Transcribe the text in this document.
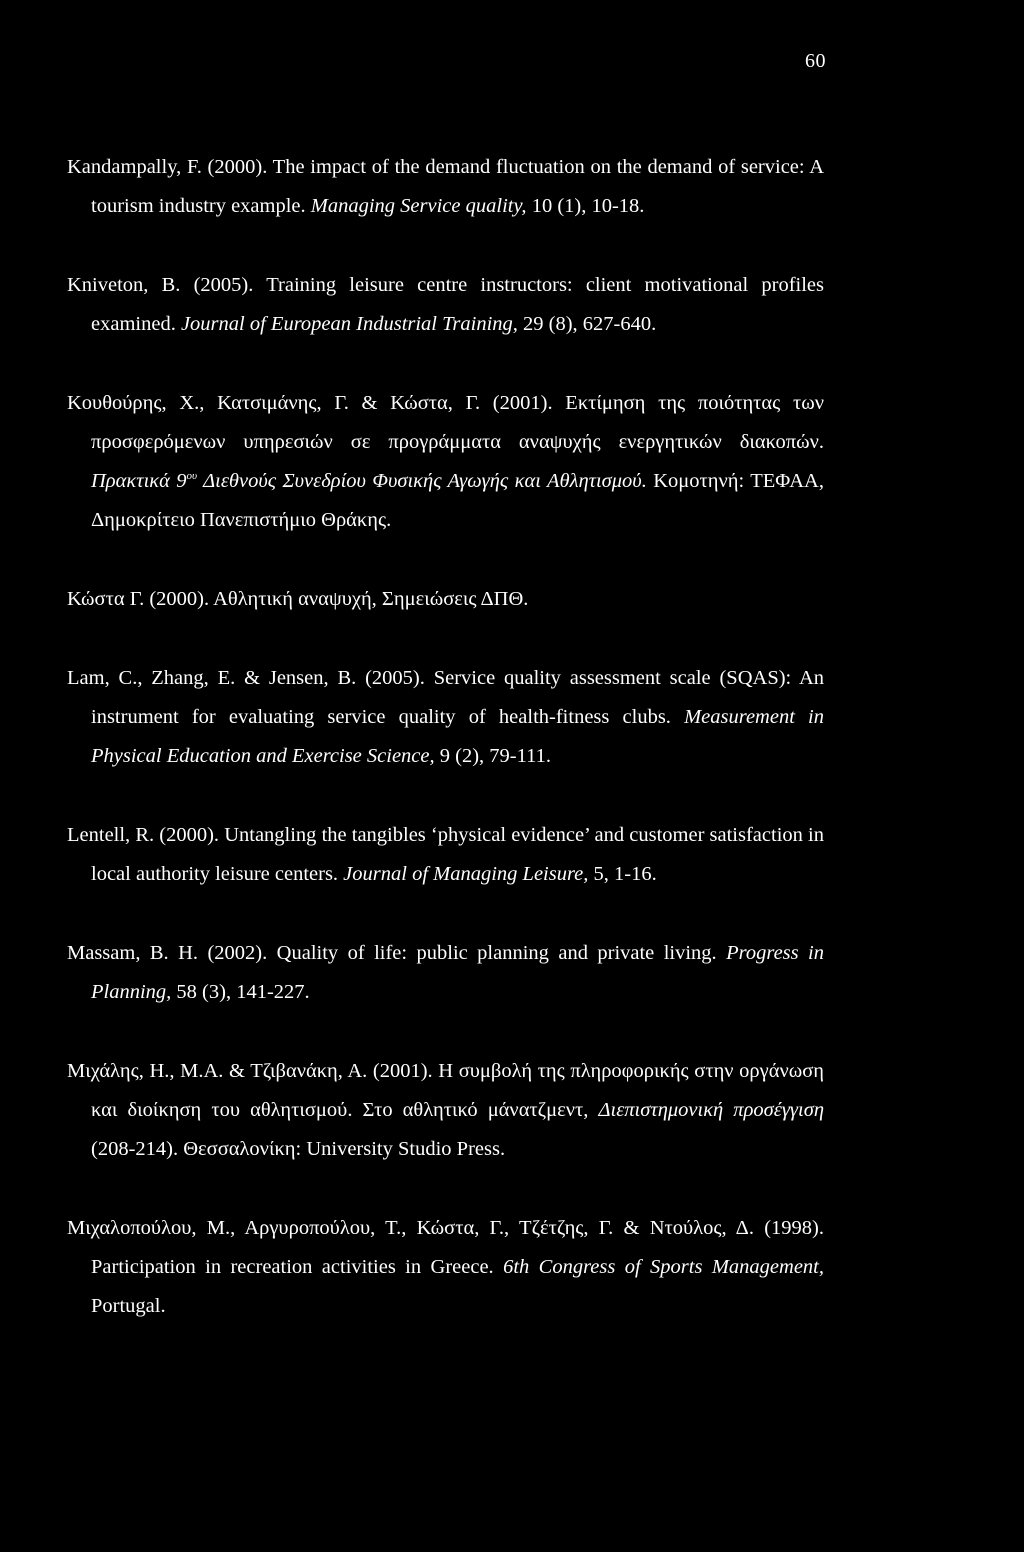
60

Kandampally, F. (2000). The impact of the demand fluctuation on the demand of service: A tourism industry example. Managing Service quality, 10 (1), 10-18.

Kniveton, B. (2005). Training leisure centre instructors: client motivational profiles examined. Journal of European Industrial Training, 29 (8), 627-640.

Κουθούρης, Χ., Κατσιμάνης, Γ. & Κώστα, Γ. (2001). Εκτίμηση της ποιότητας των προσφερόμενων υπηρεσιών σε προγράμματα αναψυχής ενεργητικών διακοπών. Πρακτικά $9^{o\upsilon}$ Διεθνούς Συνεδρίου Φυσικής Αγωγής και Αθλητισμού. Κομοτηνή: ΤΕΦΑΑ, Δημοκρίτειο Πανεπιστήμιο Θράκης.

Κώστα Γ. (2000). Αθλητική αναψυχή, Σημειώσεις ΔΠΘ.

Lam, C., Zhang, E. & Jensen, B. (2005). Service quality assessment scale (SQAS): An instrument for evaluating service quality of health-fitness clubs. Measurement in Physical Education and Exercise Science, 9 (2), 79-111.

Lentell, R. (2000). Untangling the tangibles ‘physical evidence’ and customer satisfaction in local authority leisure centers. Journal of Managing Leisure, 5, 1-16.

Massam, B. H. (2002). Quality of life: public planning and private living. Progress in Planning, 58 (3), 141-227.

Μιχάλης, Η., Μ.Α. & Τζιβανάκη, Α. (2001). Η συμβολή της πληροφορικής στην οργάνωση και διοίκηση του αθλητισμού. Στο αθλητικό μάνατζμεντ, Διεπιστημονική προσέγγιση (208-214). Θεσσαλονίκη: University Studio Press.

Μιχαλοπούλου, Μ., Αργυροπούλου, Τ., Κώστα, Γ., Τζέτζης, Γ. & Ντούλος, Δ. (1998). Participation in recreation activities in Greece. 6th Congress of Sports Management, Portugal.
